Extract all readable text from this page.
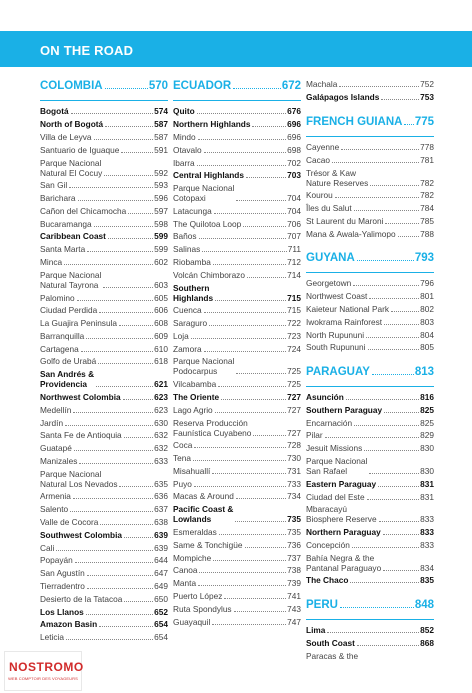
ON THE ROAD
COLOMBIA	570
Bogotá	574
North of Bogotá	587
Villa de Leyva	587
Santuario de Iguaque	591
Parque Nacional
Natural El Cocuy	592
San Gil	593
Barichara	596
Cañon del Chicamocha	597
Bucaramanga	598
Caribbean Coast	599
Santa Marta	599
Minca	602
Parque Nacional
Natural Tayrona	603
Palomino	605
Ciudad Perdida	606
La Guajira Peninsula	608
Barranquilla	609
Cartagena	610
Golfo de Urabá	618
San Andrés &
Providencia	621
Northwest Colombia	623
Medellín	623
Jardín	630
Santa Fe de Antioquia	632
Guatapé	632
Manizales	633
Parque Nacional
Natural Los Nevados	635
Armenia	636
Salento	637
Valle de Cocora	638
Southwest Colombia	639
Cali	639
Popayán	644
San Agustín	647
Tierradentro	649
Desierto de la Tatacoa	650
Los Llanos	652
Amazon Basin	654
Leticia	654
ECUADOR	672
Quito	676
Northern Highlands	696
Mindo	696
Otavalo	698
Ibarra	702
Central Highlands	703
Parque Nacional
Cotopaxi	704
Latacunga	704
The Quilotoa Loop	706
Baños	707
Salinas	711
Riobamba	712
Volcán Chimborazo	714
Southern
Highlands	715
Cuenca	715
Saraguro	722
Loja	723
Zamora	724
Parque Nacional
Podocarpus	725
Vilcabamba	725
The Oriente	727
Lago Agrio	727
Reserva Producción
Faunística Cuyabeno	727
Coca	728
Tena	730
Misahuallí	731
Puyo	733
Macas & Around	734
Pacific Coast &
Lowlands	735
Esmeraldas	735
Same & Tonchigüe	736
Mompiche	737
Canoa	738
Manta	739
Puerto López	741
Ruta Spondylus	743
Guayaquil	747
Machala	752
Galápagos Islands	753
FRENCH GUIANA 775
Cayenne	778
Cacao	781
Trésor & Kaw
Nature Reserves	782
Kourou	782
Îles du Salut	784
St Laurent du Maroni	785
Mana & Awala-Yalimopo	788
GUYANA	793
Georgetown	796
Northwest Coast	801
Kaieteur National Park	802
Iwokrama Rainforest	803
North Rupununi	804
South Rupununi	805
PARAGUAY	813
Asunción	816
Southern Paraguay	825
Encarnación	825
Pilar	829
Jesuit Missions	830
Parque Nacional
San Rafael	830
Eastern Paraguay	831
Ciudad del Este	831
Mbaracayú
Biosphere Reserve	833
Northern Paraguay	833
Concepción	833
Bahía Negra & the
Pantanal Paraguayo	834
The Chaco	835
PERU	848
Lima	852
South Coast	868
Paracas & the
NOSTROMO
WEB COMPTOIR DES VOYAGEURS
